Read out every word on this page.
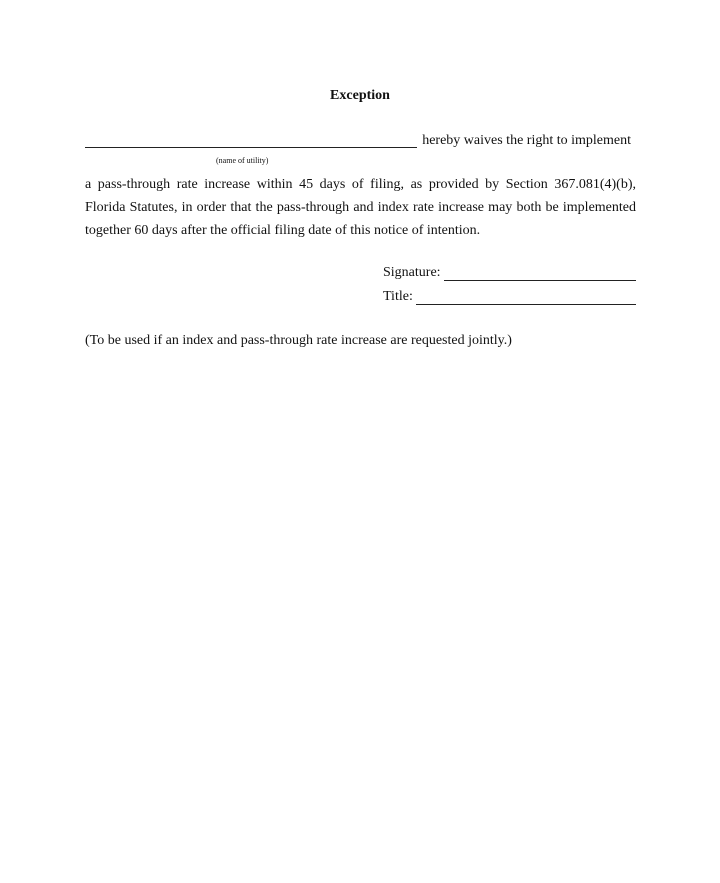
Exception
hereby waives the right to implement
(name of utility)
a pass-through rate increase within 45 days of filing, as provided by Section 367.081(4)(b),
Florida Statutes, in order that the pass-through and index rate increase may both be implemented
together 60 days after the official filing date of this notice of intention.
Signature:
Title:
(To be used if an index and pass-through rate increase are requested jointly.)
